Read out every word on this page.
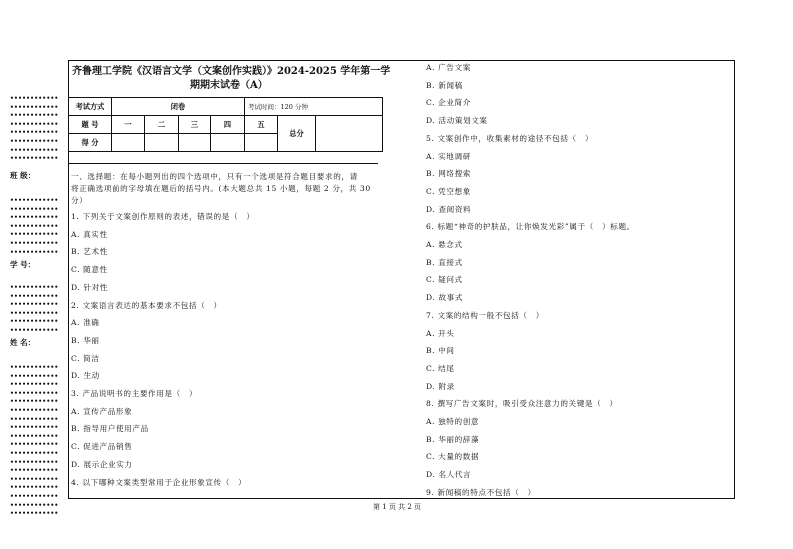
齐鲁理工学院《汉语言文学（文案创作实践）》2024-2025 学年第一学
期期末试卷（A）
考试方式	闭卷				考试时间：120 分钟		
题 号	一	二	三	四	五	总分	
得 分							
一、选择题：在每小题列出的四个选项中，只有一个选项是符合题目要求的，请
将正确选项前的字母填在题后的括号内。(本大题总共 15 小题，每题 2 分，共 30
分）
第 1 页 共 2 页
1. 下列关于文案创作原则的表述，错误的是（　）
A. 真实性
B. 艺术性
C. 随意性
D. 针对性
2. 文案语言表达的基本要求不包括（　）
A. 准确
B. 华丽
C. 简洁
D. 生动
3. 产品说明书的主要作用是（　）
A. 宣传产品形象
B. 指导用户使用产品
C. 促进产品销售
D. 展示企业实力
4. 以下哪种文案类型常用于企业形象宣传（　）
A. 广告文案
B. 新闻稿
C. 企业简介
D. 活动策划文案
5. 文案创作中，收集素材的途径不包括（　）
A. 实地调研
B. 网络搜索
C. 凭空想象
D. 查阅资料
6. 标题“神奇的护肤品，让你焕发光彩”属于（　）标题。
A. 悬念式
B. 直接式
C. 疑问式
D. 故事式
7. 文案的结构一般不包括（　）
A. 开头
B. 中间
C. 结尾
D. 附录
8. 撰写广告文案时，吸引受众注意力的关键是（　）
A. 独特的创意
B. 华丽的辞藻
C. 大量的数据
D. 名人代言
9. 新闻稿的特点不包括（　）
••••••••••••
••••••••••••
••••••••••••
••••••••••••
••••••••••••
••••••••••••
••••••••••••
••••••••••••
班 级：
••••••••••••
••••••••••••
••••••••••••
••••••••••••
••••••••••••
••••••••••••
••••••••••••
学 号：
••••••••••••
••••••••••••
••••••••••••
••••••••••••
••••••••••••
••••••••••••
姓 名：
••••••••••••
••••••••••••
••••••••••••
••••••••••••
••••••••••••
••••••••••••
••••••••••••
••••••••••••
••••••••••••
••••••••••••
••••••••••••
••••••••••••
••••••••••••
••••••••••••
••••••••••••
••••••••••••
••••••••••••
••••••••••••
